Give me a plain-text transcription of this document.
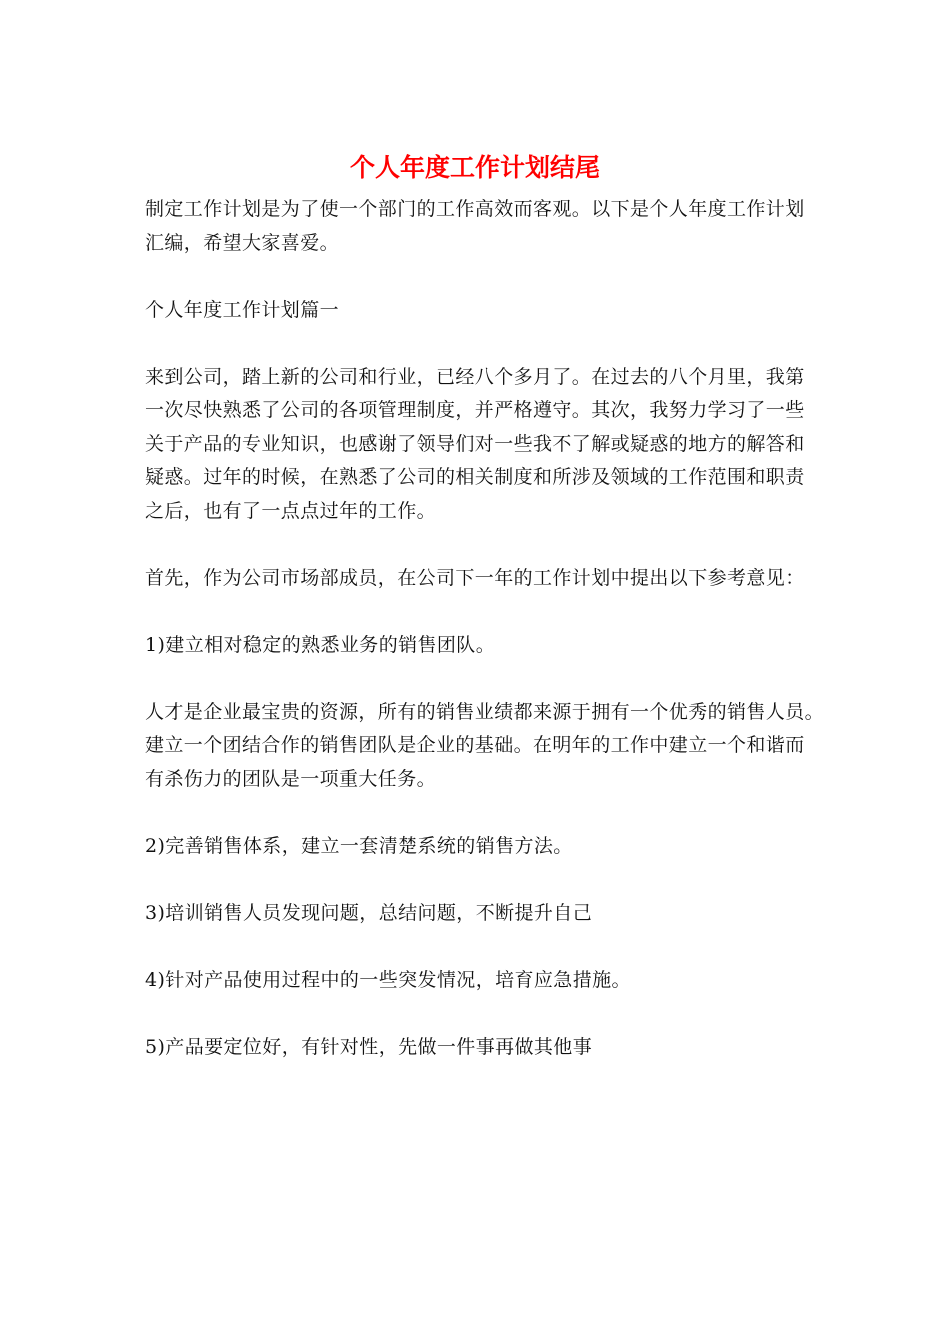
个人年度工作计划结尾
制定工作计划是为了使一个部门的工作高效而客观。以下是个人年度工作计划
汇编，希望大家喜爱。
个人年度工作计划篇一
来到公司，踏上新的公司和行业，已经八个多月了。在过去的八个月里，我第
一次尽快熟悉了公司的各项管理制度，并严格遵守。其次，我努力学习了一些
关于产品的专业知识，也感谢了领导们对一些我不了解或疑惑的地方的解答和
疑惑。过年的时候，在熟悉了公司的相关制度和所涉及领域的工作范围和职责
之后，也有了一点点过年的工作。
首先，作为公司市场部成员，在公司下一年的工作计划中提出以下参考意见：
1)建立相对稳定的熟悉业务的销售团队。
人才是企业最宝贵的资源，所有的销售业绩都来源于拥有一个优秀的销售人员。
建立一个团结合作的销售团队是企业的基础。在明年的工作中建立一个和谐而
有杀伤力的团队是一项重大任务。
2)完善销售体系，建立一套清楚系统的销售方法。
3)培训销售人员发现问题，总结问题，不断提升自己
4)针对产品使用过程中的一些突发情况，培育应急措施。
5)产品要定位好，有针对性，先做一件事再做其他事
